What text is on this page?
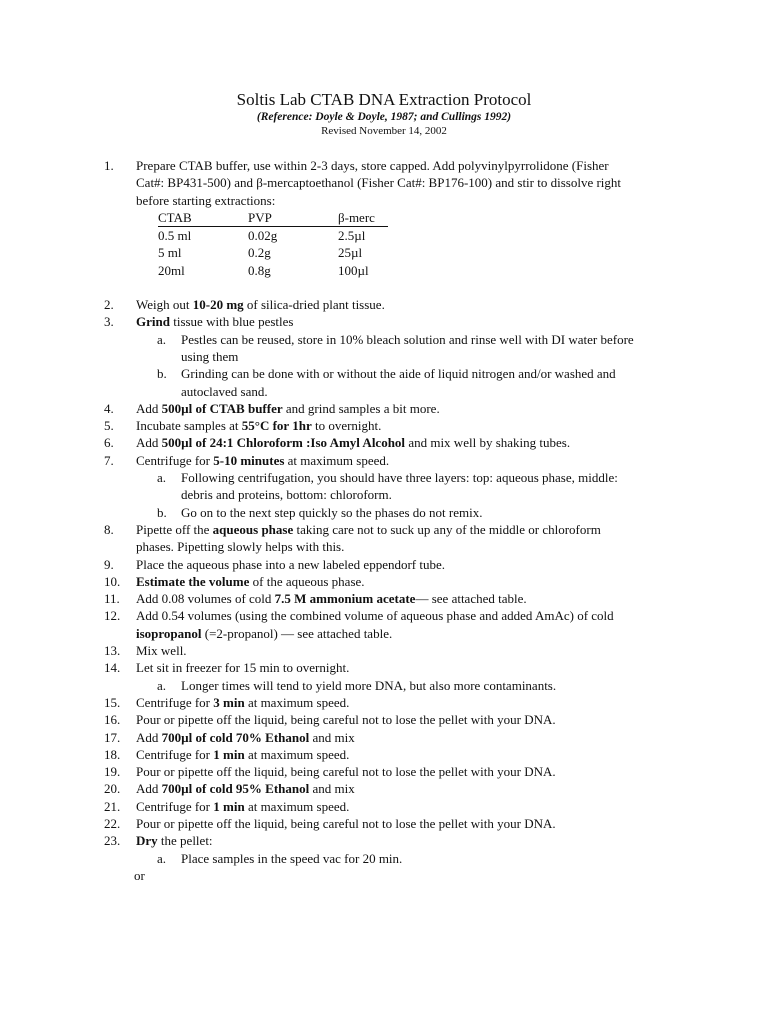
Soltis Lab CTAB DNA Extraction Protocol
(Reference: Doyle & Doyle, 1987; and Cullings 1992)
Revised November 14, 2002
1.	Prepare CTAB buffer, use within 2-3 days, store capped. Add polyvinylpyrrolidone (Fisher Cat#: BP431-500) and β-mercaptoethanol (Fisher Cat#: BP176-100) and stir to dissolve right before starting extractions:
CTAB	PVP	β-merc
0.5 ml	0.02g	2.5µl
5 ml	0.2g	25µl
20ml	0.8g	100µl
2.	Weigh out 10-20 mg of silica-dried plant tissue.
3.	Grind tissue with blue pestles
a. Pestles can be reused, store in 10% bleach solution and rinse well with DI water before using them
b. Grinding can be done with or without the aide of liquid nitrogen and/or washed and autoclaved sand.
4.	Add 500µl of CTAB buffer and grind samples a bit more.
5.	Incubate samples at 55°C for 1hr to overnight.
6.	Add 500µl of 24:1 Chloroform :Iso Amyl Alcohol and mix well by shaking tubes.
7.	Centrifuge for 5-10 minutes at maximum speed.
a. Following centrifugation, you should have three layers: top: aqueous phase, middle: debris and proteins, bottom: chloroform.
b. Go on to the next step quickly so the phases do not remix.
8.	Pipette off the aqueous phase taking care not to suck up any of the middle or chloroform phases. Pipetting slowly helps with this.
9.	Place the aqueous phase into a new labeled eppendorf tube.
10.	Estimate the volume of the aqueous phase.
11.	Add 0.08 volumes of cold 7.5 M ammonium acetate— see attached table.
12.	Add 0.54 volumes (using the combined volume of aqueous phase and added AmAc) of cold isopropanol (=2-propanol) — see attached table.
13.	Mix well.
14.	Let sit in freezer for 15 min to overnight.
a. Longer times will tend to yield more DNA, but also more contaminants.
15.	Centrifuge for 3 min at maximum speed.
16.	Pour or pipette off the liquid, being careful not to lose the pellet with your DNA.
17.	Add 700µl of cold 70% Ethanol and mix
18.	Centrifuge for 1 min at maximum speed.
19.	Pour or pipette off the liquid, being careful not to lose the pellet with your DNA.
20.	Add 700µl of cold 95% Ethanol and mix
21.	Centrifuge for 1 min at maximum speed.
22.	Pour or pipette off the liquid, being careful not to lose the pellet with your DNA.
23.	Dry the pellet:
a. Place samples in the speed vac for 20 min.
or
